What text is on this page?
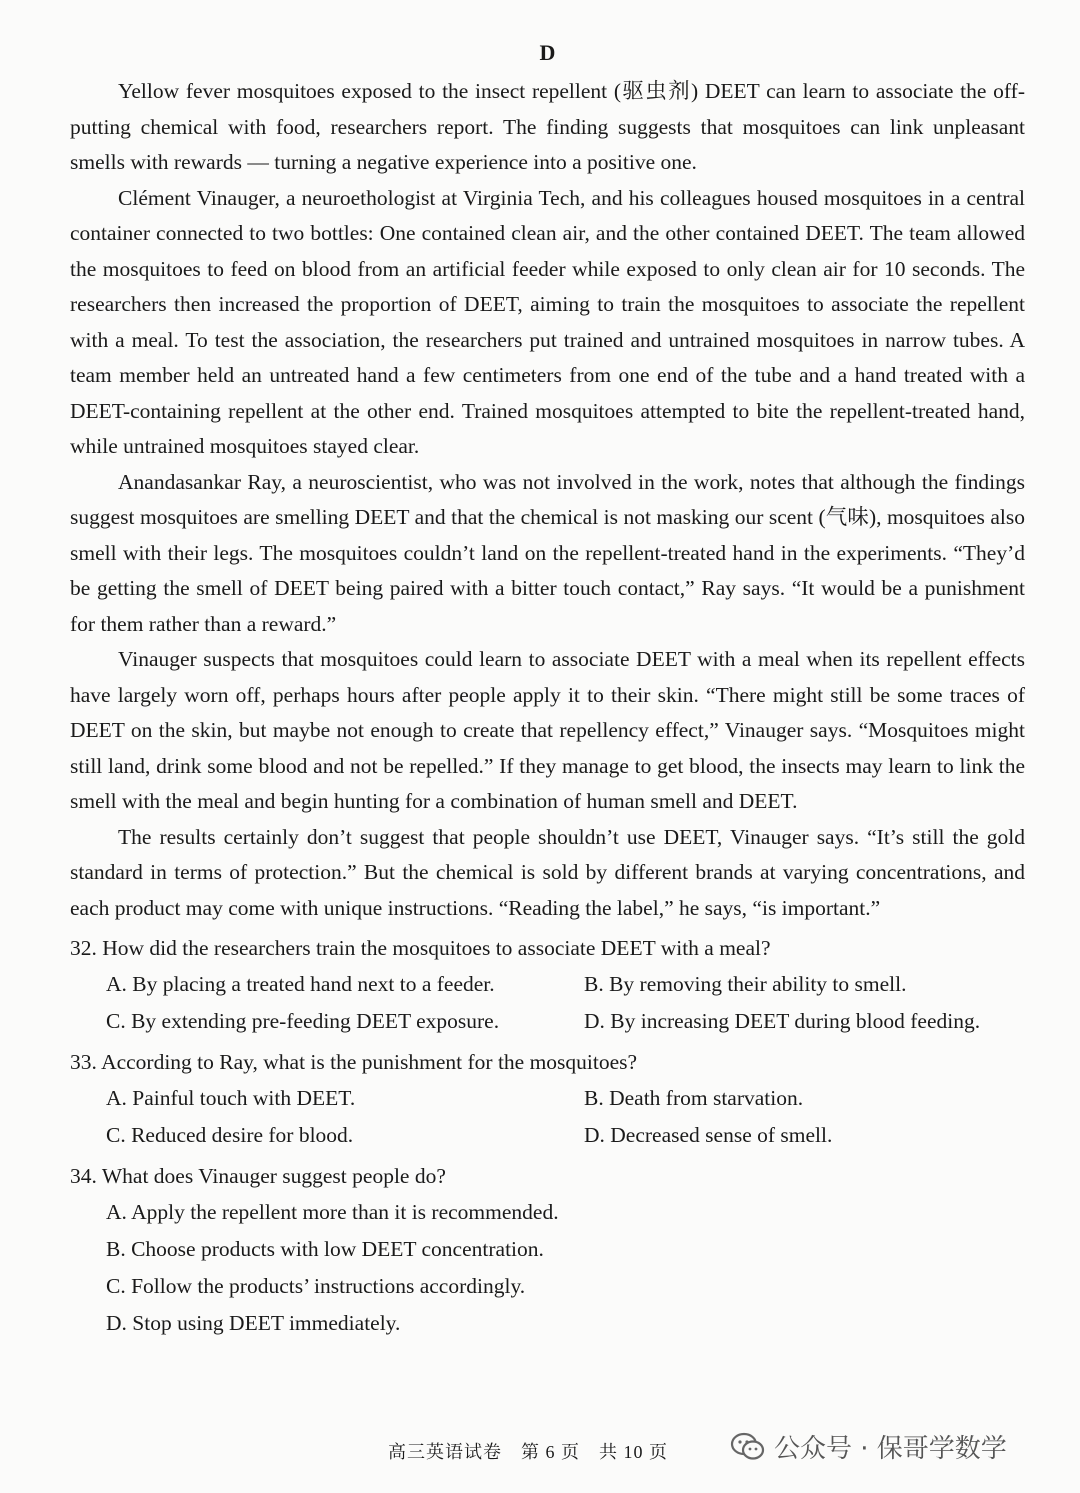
D

Yellow fever mosquitoes exposed to the insect repellent (驱虫剂) DEET can learn to associate the off-putting chemical with food, researchers report. The finding suggests that mosquitoes can link unpleasant smells with rewards — turning a negative experience into a positive one.

Clément Vinauger, a neuroethologist at Virginia Tech, and his colleagues housed mosquitoes in a central container connected to two bottles: One contained clean air, and the other contained DEET. The team allowed the mosquitoes to feed on blood from an artificial feeder while exposed to only clean air for 10 seconds. The researchers then increased the proportion of DEET, aiming to train the mosquitoes to associate the repellent with a meal. To test the association, the researchers put trained and untrained mosquitoes in narrow tubes. A team member held an untreated hand a few centimeters from one end of the tube and a hand treated with a DEET-containing repellent at the other end. Trained mosquitoes attempted to bite the repellent-treated hand, while untrained mosquitoes stayed clear.

Anandasankar Ray, a neuroscientist, who was not involved in the work, notes that although the findings suggest mosquitoes are smelling DEET and that the chemical is not masking our scent (气味), mosquitoes also smell with their legs. The mosquitoes couldn’t land on the repellent-treated hand in the experiments. “They’d be getting the smell of DEET being paired with a bitter touch contact,” Ray says. “It would be a punishment for them rather than a reward.”

Vinauger suspects that mosquitoes could learn to associate DEET with a meal when its repellent effects have largely worn off, perhaps hours after people apply it to their skin. “There might still be some traces of DEET on the skin, but maybe not enough to create that repellency effect,” Vinauger says. “Mosquitoes might still land, drink some blood and not be repelled.” If they manage to get blood, the insects may learn to link the smell with the meal and begin hunting for a combination of human smell and DEET.

The results certainly don’t suggest that people shouldn’t use DEET, Vinauger says. “It’s still the gold standard in terms of protection.” But the chemical is sold by different brands at varying concentrations, and each product may come with unique instructions. “Reading the label,” he says, “is important.”

32. How did the researchers train the mosquitoes to associate DEET with a meal?

A. By placing a treated hand next to a feeder.	B. By removing their ability to smell.
C. By extending pre-feeding DEET exposure.	D. By increasing DEET during blood feeding.

33. According to Ray, what is the punishment for the mosquitoes?

A. Painful touch with DEET.	B. Death from starvation.
C. Reduced desire for blood.	D. Decreased sense of smell.

34. What does Vinauger suggest people do?

A. Apply the repellent more than it is recommended.
B. Choose products with low DEET concentration.
C. Follow the products’ instructions accordingly.
D. Stop using DEET immediately.
高三英语试卷　第 6 页　共 10 页	公众号 · 保哥学数学
